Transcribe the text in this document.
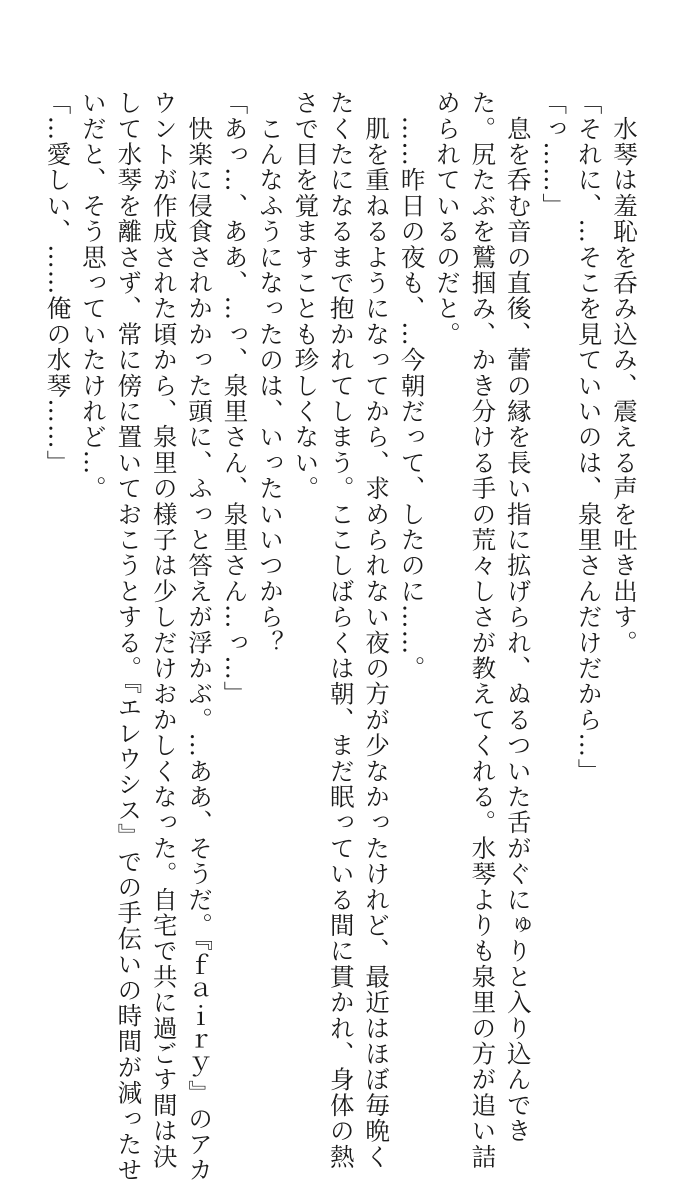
　水琴は羞恥を呑み込み、震える声を吐き出す。
「それに、…そこを見ていいのは、泉里さんだけだから…」
「っ……」
　息を呑む音の直後、蕾の縁を長い指に拡げられ、ぬるついた舌がぐにゅりと入り込んでき
た。尻たぶを鷲掴み、かき分ける手の荒々しさが教えてくれる。水琴よりも泉里の方が追い詰
められているのだと。
　……昨日の夜も、…今朝だって、したのに……。
　肌を重ねるようになってから、求められない夜の方が少なかったけれど、最近はほぼ毎晩く
たくたになるまで抱かれてしまう。ここしばらくは朝、まだ眠っている間に貫かれ、身体の熱
さで目を覚ますことも珍しくない。
　こんなふうになったのは、いったいいつから？
「あっ…、ああ、…っ、泉里さん、泉里さん…っ…」
　快楽に侵食されかかった頭に、ふっと答えが浮かぶ。…ああ、そうだ。『ｆａｉｒｙ』のアカ
ウントが作成された頃から、泉里の様子は少しだけおかしくなった。自宅で共に過ごす間は決
して水琴を離さず、常に傍に置いておこうとする。『エレウシス』での手伝いの時間が減ったせ
いだと、そう思っていたけれど…。
「…愛しい、……俺の水琴……」
